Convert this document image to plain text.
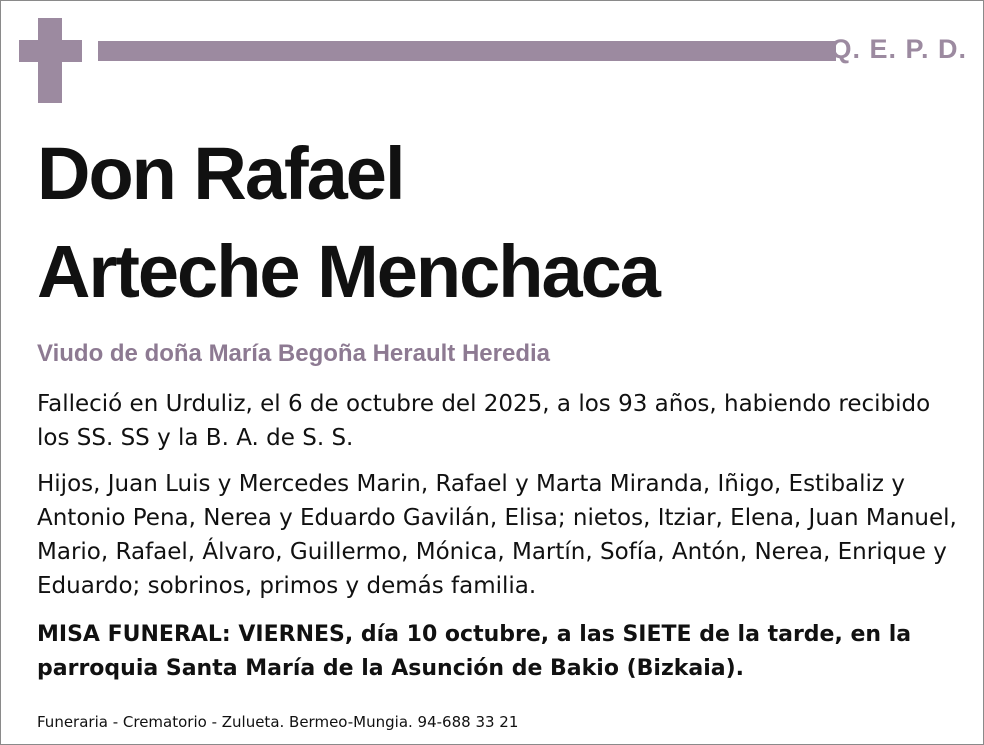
Q. E. P. D.
Don Rafael
Arteche Menchaca
Viudo de doña María Begoña Herault Heredia
Falleció en Urduliz, el 6 de octubre del 2025, a los 93 años, habiendo recibido los SS. SS y la B. A. de S. S.
Hijos, Juan Luis y Mercedes Marin, Rafael y Marta Miranda, Iñigo, Estibaliz y Antonio Pena, Nerea y Eduardo Gavilán, Elisa; nietos, Itziar, Elena, Juan Manuel, Mario, Rafael, Álvaro, Guillermo, Mónica, Martín, Sofía, Antón, Nerea, Enrique y Eduardo; sobrinos, primos y demás familia.
MISA FUNERAL: VIERNES, día 10 octubre, a las SIETE de la tarde, en la parroquia Santa María de la Asunción de Bakio (Bizkaia).
Funeraria - Crematorio - Zulueta. Bermeo-Mungia. 94-688 33 21
